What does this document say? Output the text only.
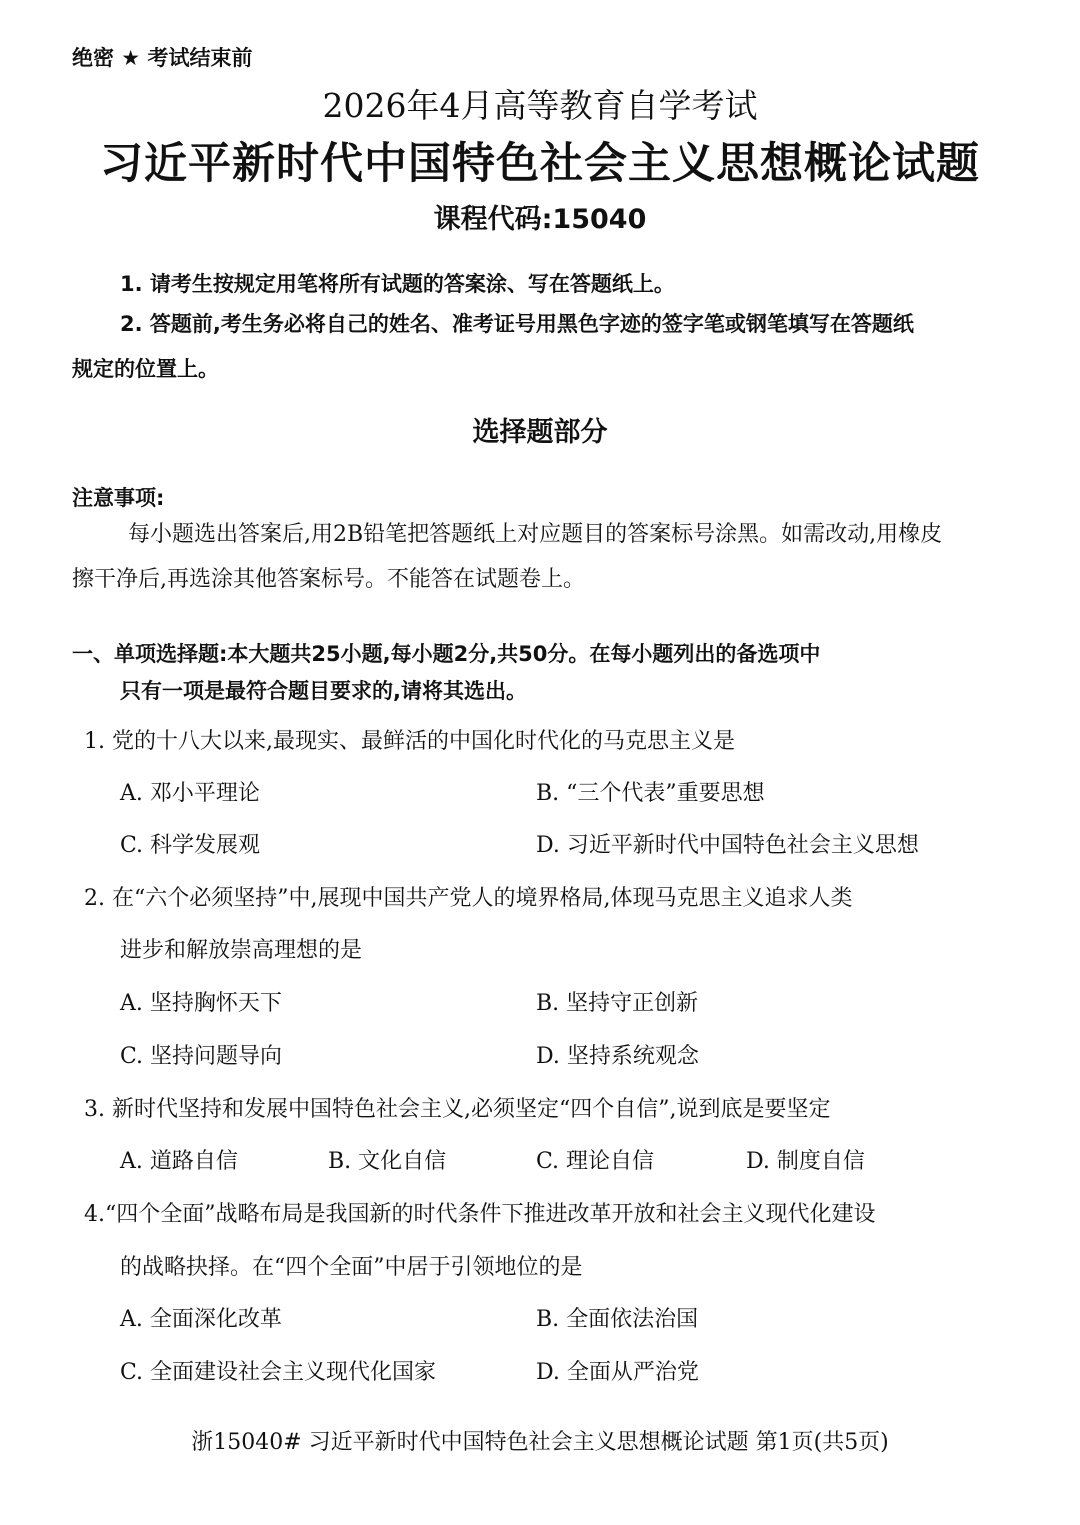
绝密 ★ 考试结束前
2026年4月高等教育自学考试
习近平新时代中国特色社会主义思想概论试题
课程代码:15040
1. 请考生按规定用笔将所有试题的答案涂、写在答题纸上。
2. 答题前,考生务必将自己的姓名、准考证号用黑色字迹的签字笔或钢笔填写在答题纸
规定的位置上。
选择题部分
注意事项:
每小题选出答案后,用2B铅笔把答题纸上对应题目的答案标号涂黑。如需改动,用橡皮
擦干净后,再选涂其他答案标号。不能答在试题卷上。
一、单项选择题:本大题共25小题,每小题2分,共50分。在每小题列出的备选项中
只有一项是最符合题目要求的,请将其选出。
1. 党的十八大以来,最现实、最鲜活的中国化时代化的马克思主义是
A. 邓小平理论	B. “三个代表”重要思想
C. 科学发展观	D. 习近平新时代中国特色社会主义思想
2. 在“六个必须坚持”中,展现中国共产党人的境界格局,体现马克思主义追求人类
进步和解放崇高理想的是
A. 坚持胸怀天下	B. 坚持守正创新
C. 坚持问题导向	D. 坚持系统观念
3. 新时代坚持和发展中国特色社会主义,必须坚定“四个自信”,说到底是要坚定
A. 道路自信	B. 文化自信	C. 理论自信	D. 制度自信
4.“四个全面”战略布局是我国新的时代条件下推进改革开放和社会主义现代化建设
的战略抉择。在“四个全面”中居于引领地位的是
A. 全面深化改革	B. 全面依法治国
C. 全面建设社会主义现代化国家	D. 全面从严治党
浙15040# 习近平新时代中国特色社会主义思想概论试题 第1页(共5页)
